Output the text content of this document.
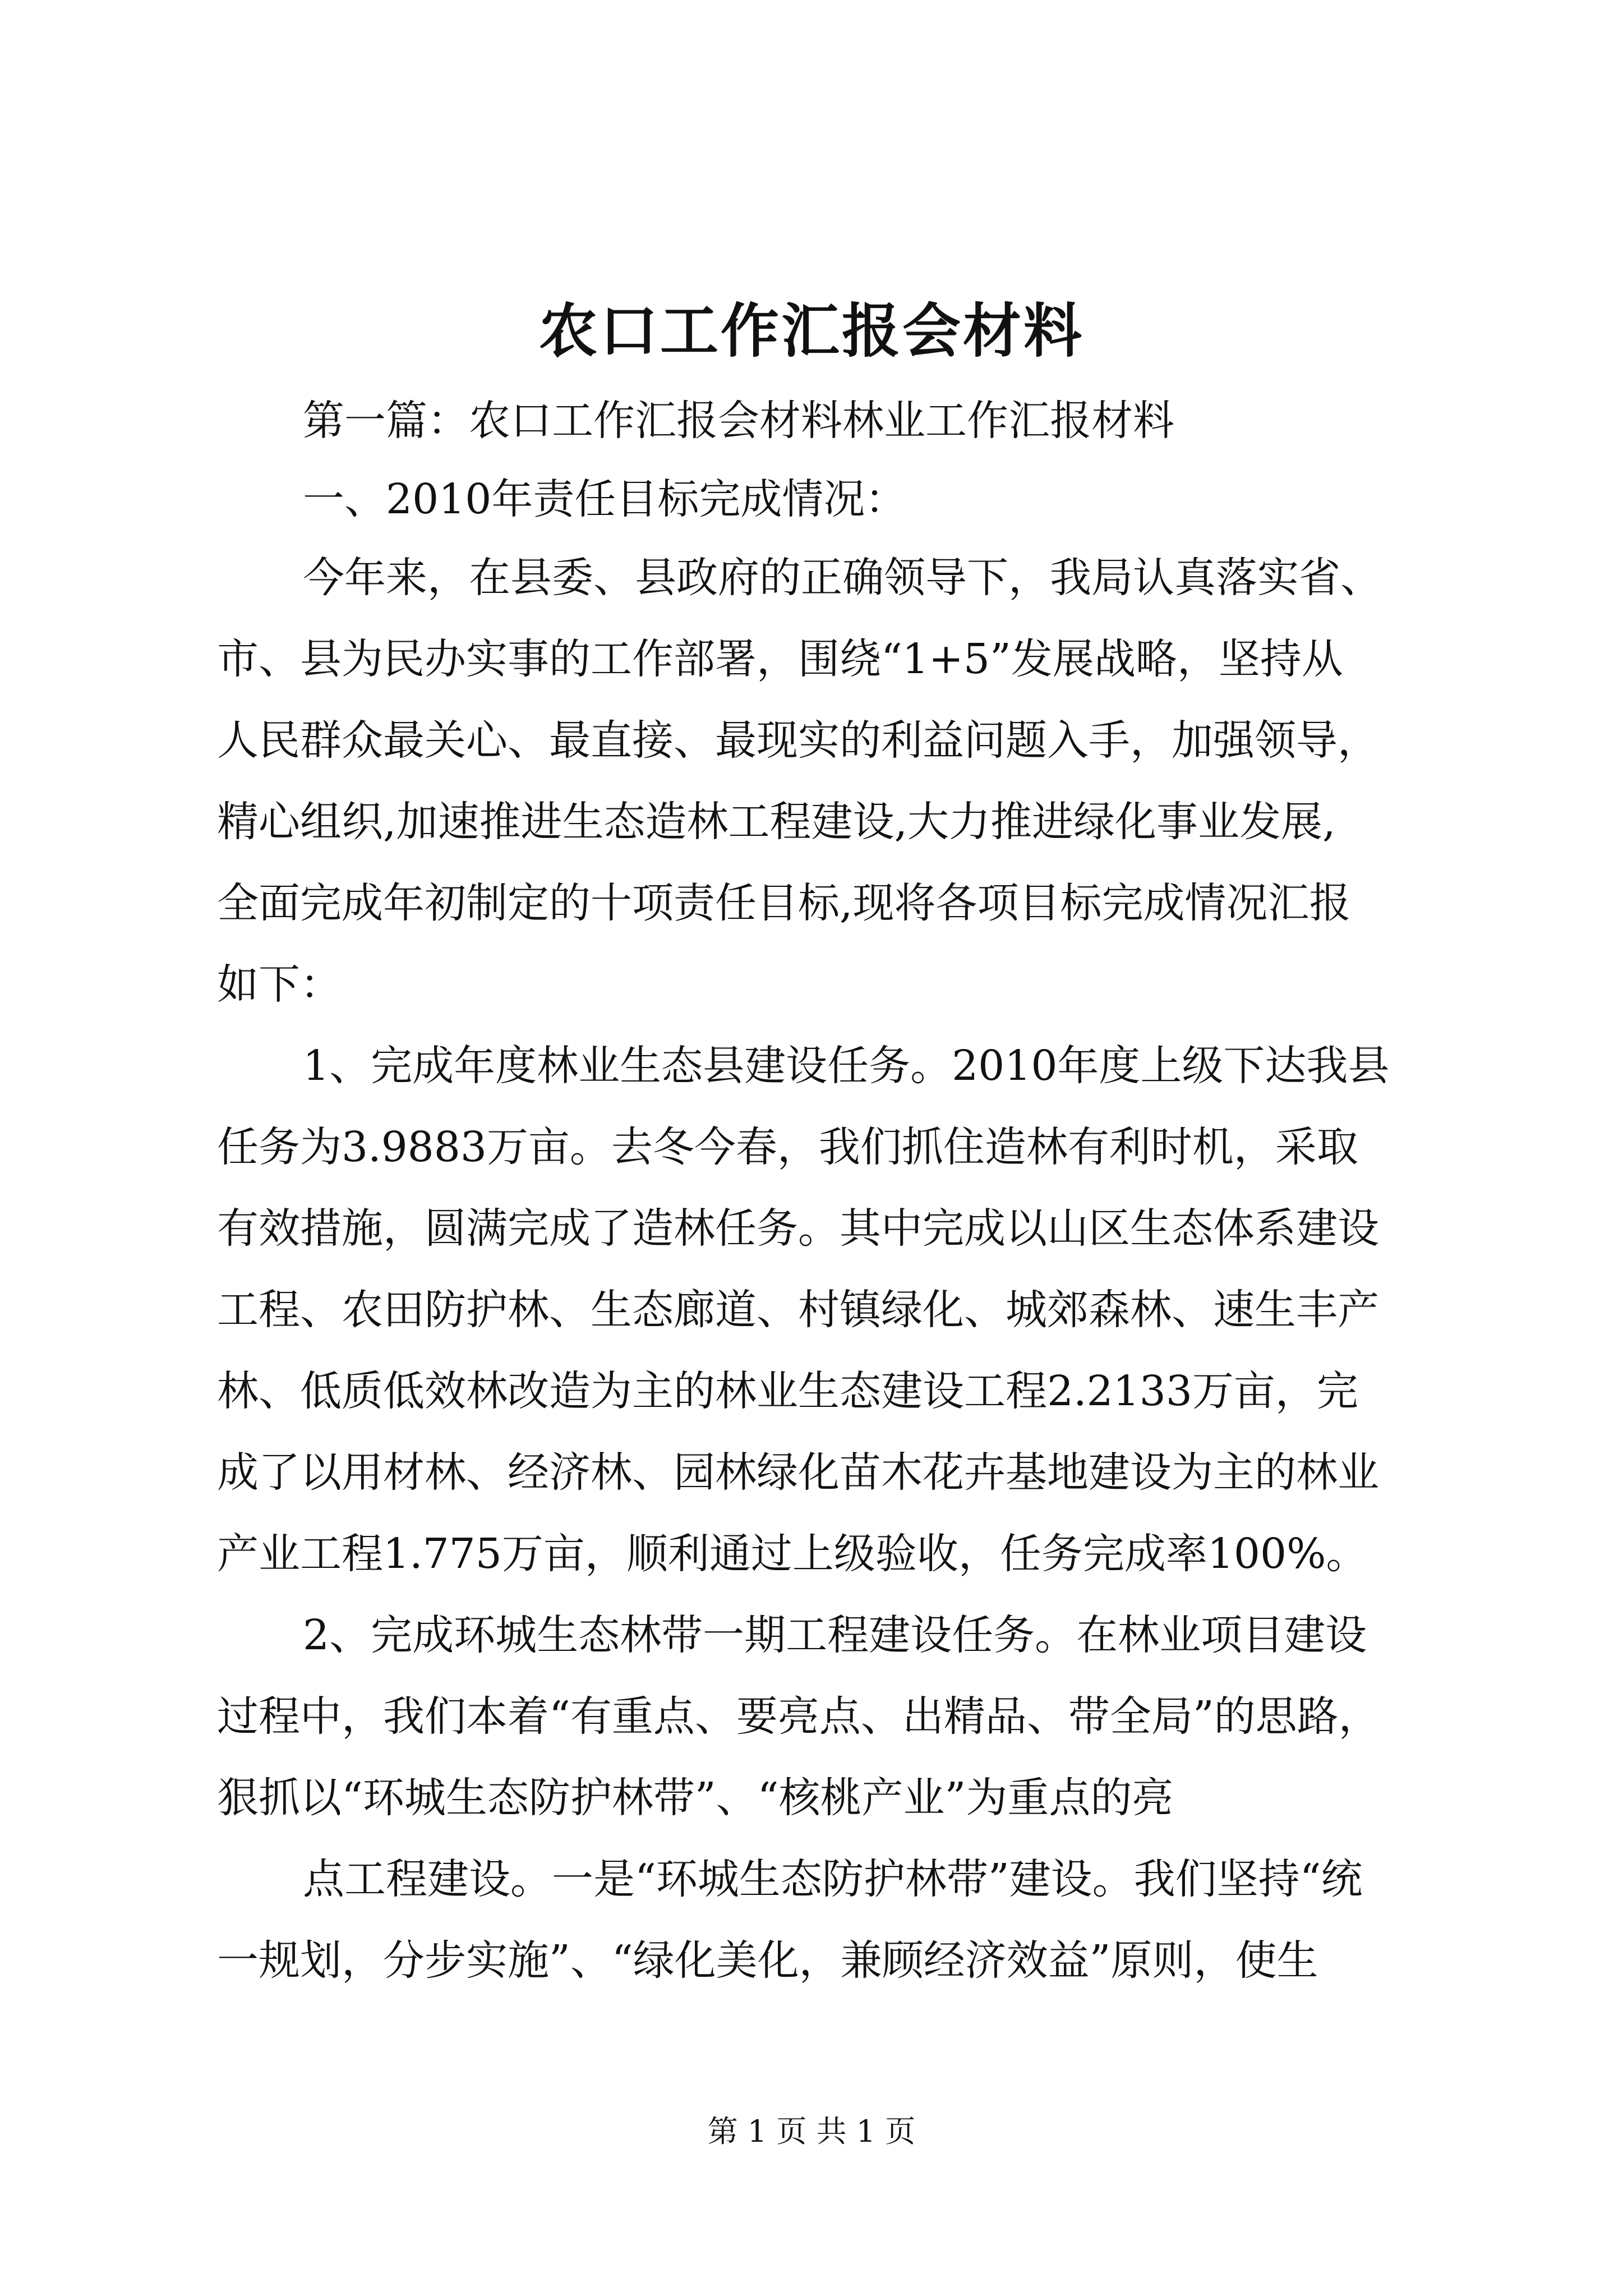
农口工作汇报会材料

第一篇：农口工作汇报会材料林业工作汇报材料

一、2010年责任目标完成情况：

今年来，在县委、县政府的正确领导下，我局认真落实省、

市、县为民办实事的工作部署，围绕“1+5”发展战略，坚持从

人民群众最关心、最直接、最现实的利益问题入手，加强领导，

精心组织,加速推进生态造林工程建设,大力推进绿化事业发展,

全面完成年初制定的十项责任目标,现将各项目标完成情况汇报

如下：

1、完成年度林业生态县建设任务。2010年度上级下达我县

任务为3.9883万亩。去冬今春，我们抓住造林有利时机，采取

有效措施，圆满完成了造林任务。其中完成以山区生态体系建设

工程、农田防护林、生态廊道、村镇绿化、城郊森林、速生丰产

林、低质低效林改造为主的林业生态建设工程2.2133万亩，完

成了以用材林、经济林、园林绿化苗木花卉基地建设为主的林业

产业工程1.775万亩，顺利通过上级验收，任务完成率100%。

2、完成环城生态林带一期工程建设任务。在林业项目建设

过程中，我们本着“有重点、要亮点、出精品、带全局”的思路，

狠抓以“环城生态防护林带”、“核桃产业”为重点的亮

点工程建设。一是“环城生态防护林带”建设。我们坚持“统

一规划，分步实施”、“绿化美化，兼顾经济效益”原则，使生

第 1 页 共 1 页
